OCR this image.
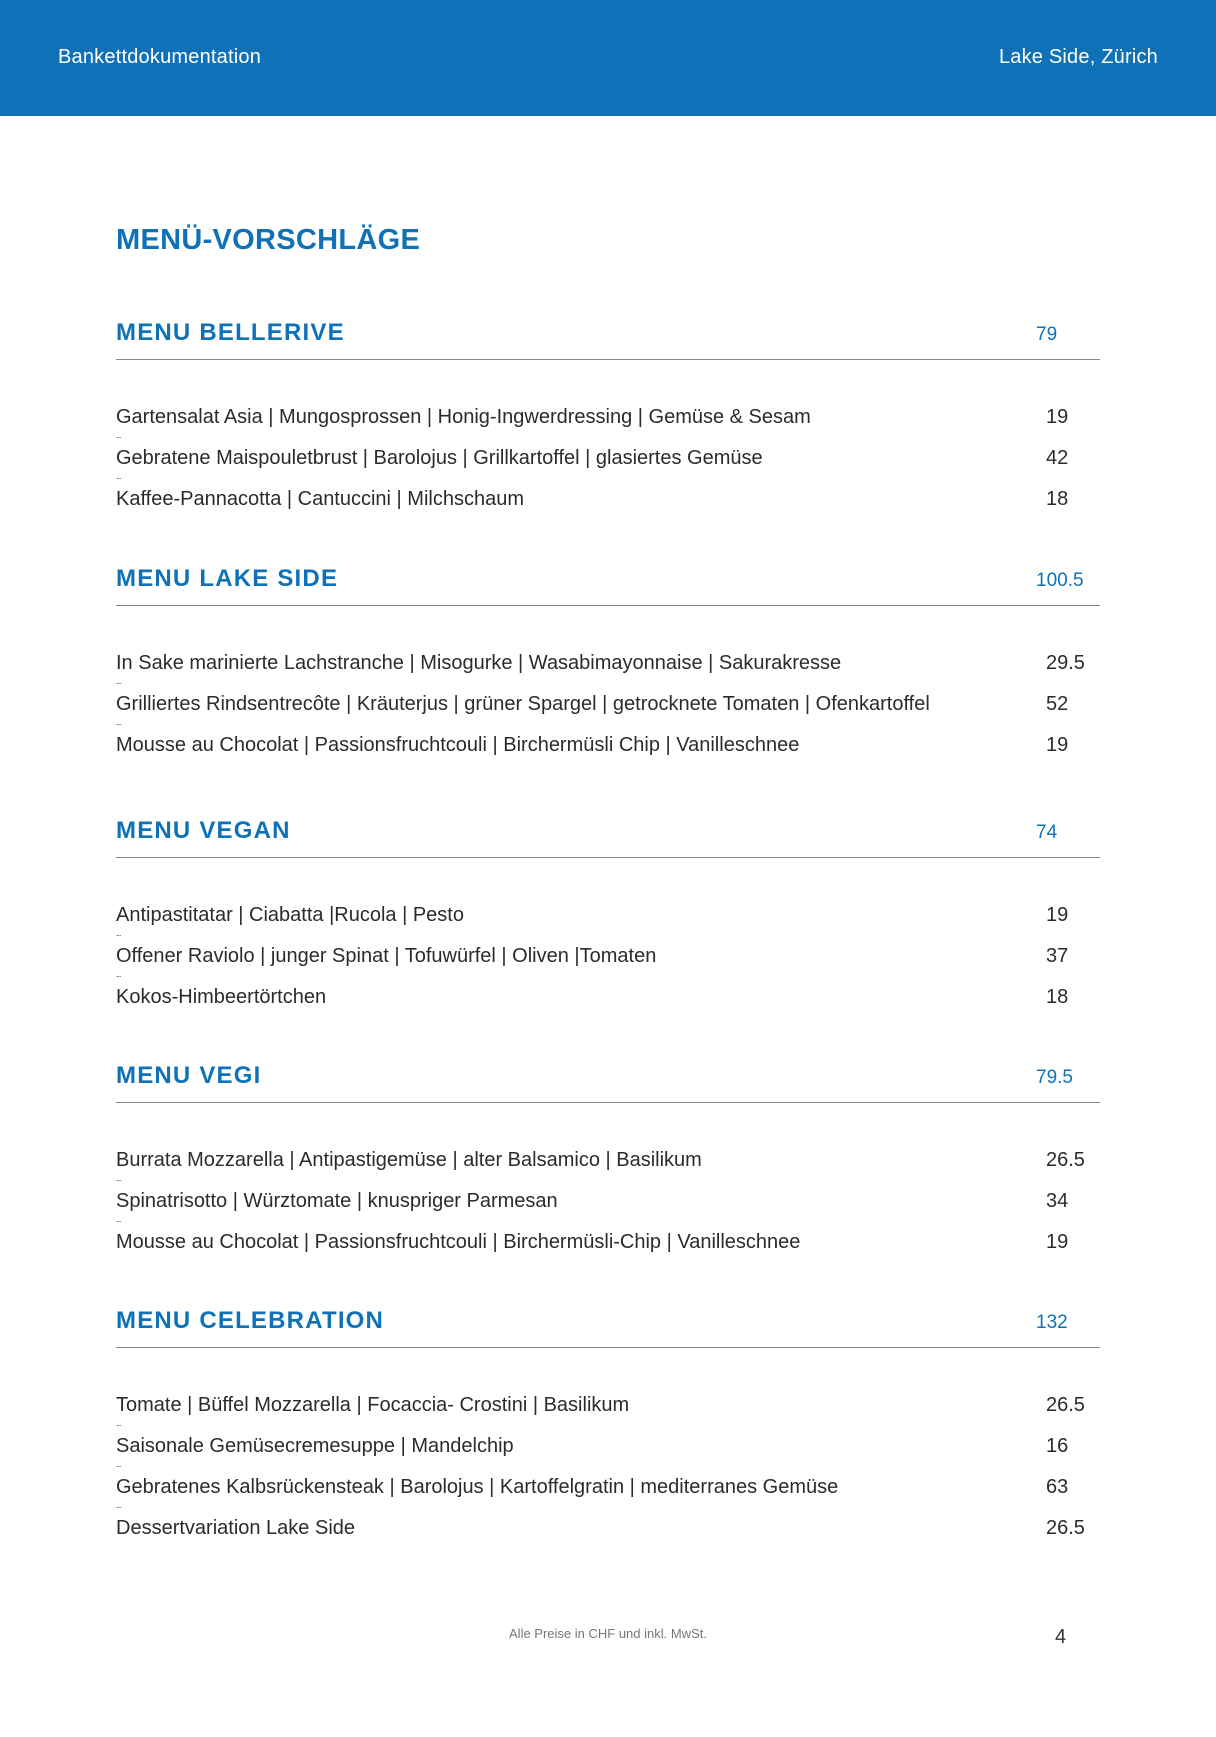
Bankettdokumentation	Lake Side, Zürich
MENÜ-VORSCHLÄGE
MENU BELLERIVE	79
Gartensalat Asia | Mungosprossen | Honig-Ingwerdressing | Gemüse & Sesam	19
...
Gebratene Maispouletbrust | Barolojus | Grillkartoffel | glasiertes Gemüse	42
...
Kaffee-Pannacotta | Cantuccini | Milchschaum	18
MENU LAKE SIDE	100.5
In Sake marinierte Lachstranche | Misogurke | Wasabimayonnaise | Sakurakresse	29.5
...
Grilliertes Rindsentrecôte | Kräuterjus | grüner Spargel | getrocknete Tomaten | Ofenkartoffel	52
...
Mousse au Chocolat | Passionsfruchtcouli | Birchermüsli Chip | Vanilleschnee	19
MENU VEGAN	74
Antipastitatar | Ciabatta |Rucola | Pesto	19
...
Offener Raviolo | junger Spinat | Tofuwürfel | Oliven |Tomaten	37
...
Kokos-Himbeertörtchen	18
MENU VEGI	79.5
Burrata Mozzarella | Antipastigemüse | alter Balsamico | Basilikum	26.5
...
Spinatrisotto | Würztomate | knuspriger Parmesan	34
...
Mousse au Chocolat | Passionsfruchtcouli | Birchermüsli-Chip | Vanilleschnee	19
MENU CELEBRATION	132
Tomate | Büffel Mozzarella | Focaccia- Crostini | Basilikum	26.5
...
Saisonale Gemüsecremesuppe | Mandelchip	16
...
Gebratenes Kalbsrückensteak | Barolojus | Kartoffelgratin | mediterranes Gemüse	63
...
Dessertvariation Lake Side	26.5
Alle Preise in CHF und inkl. MwSt.	4
